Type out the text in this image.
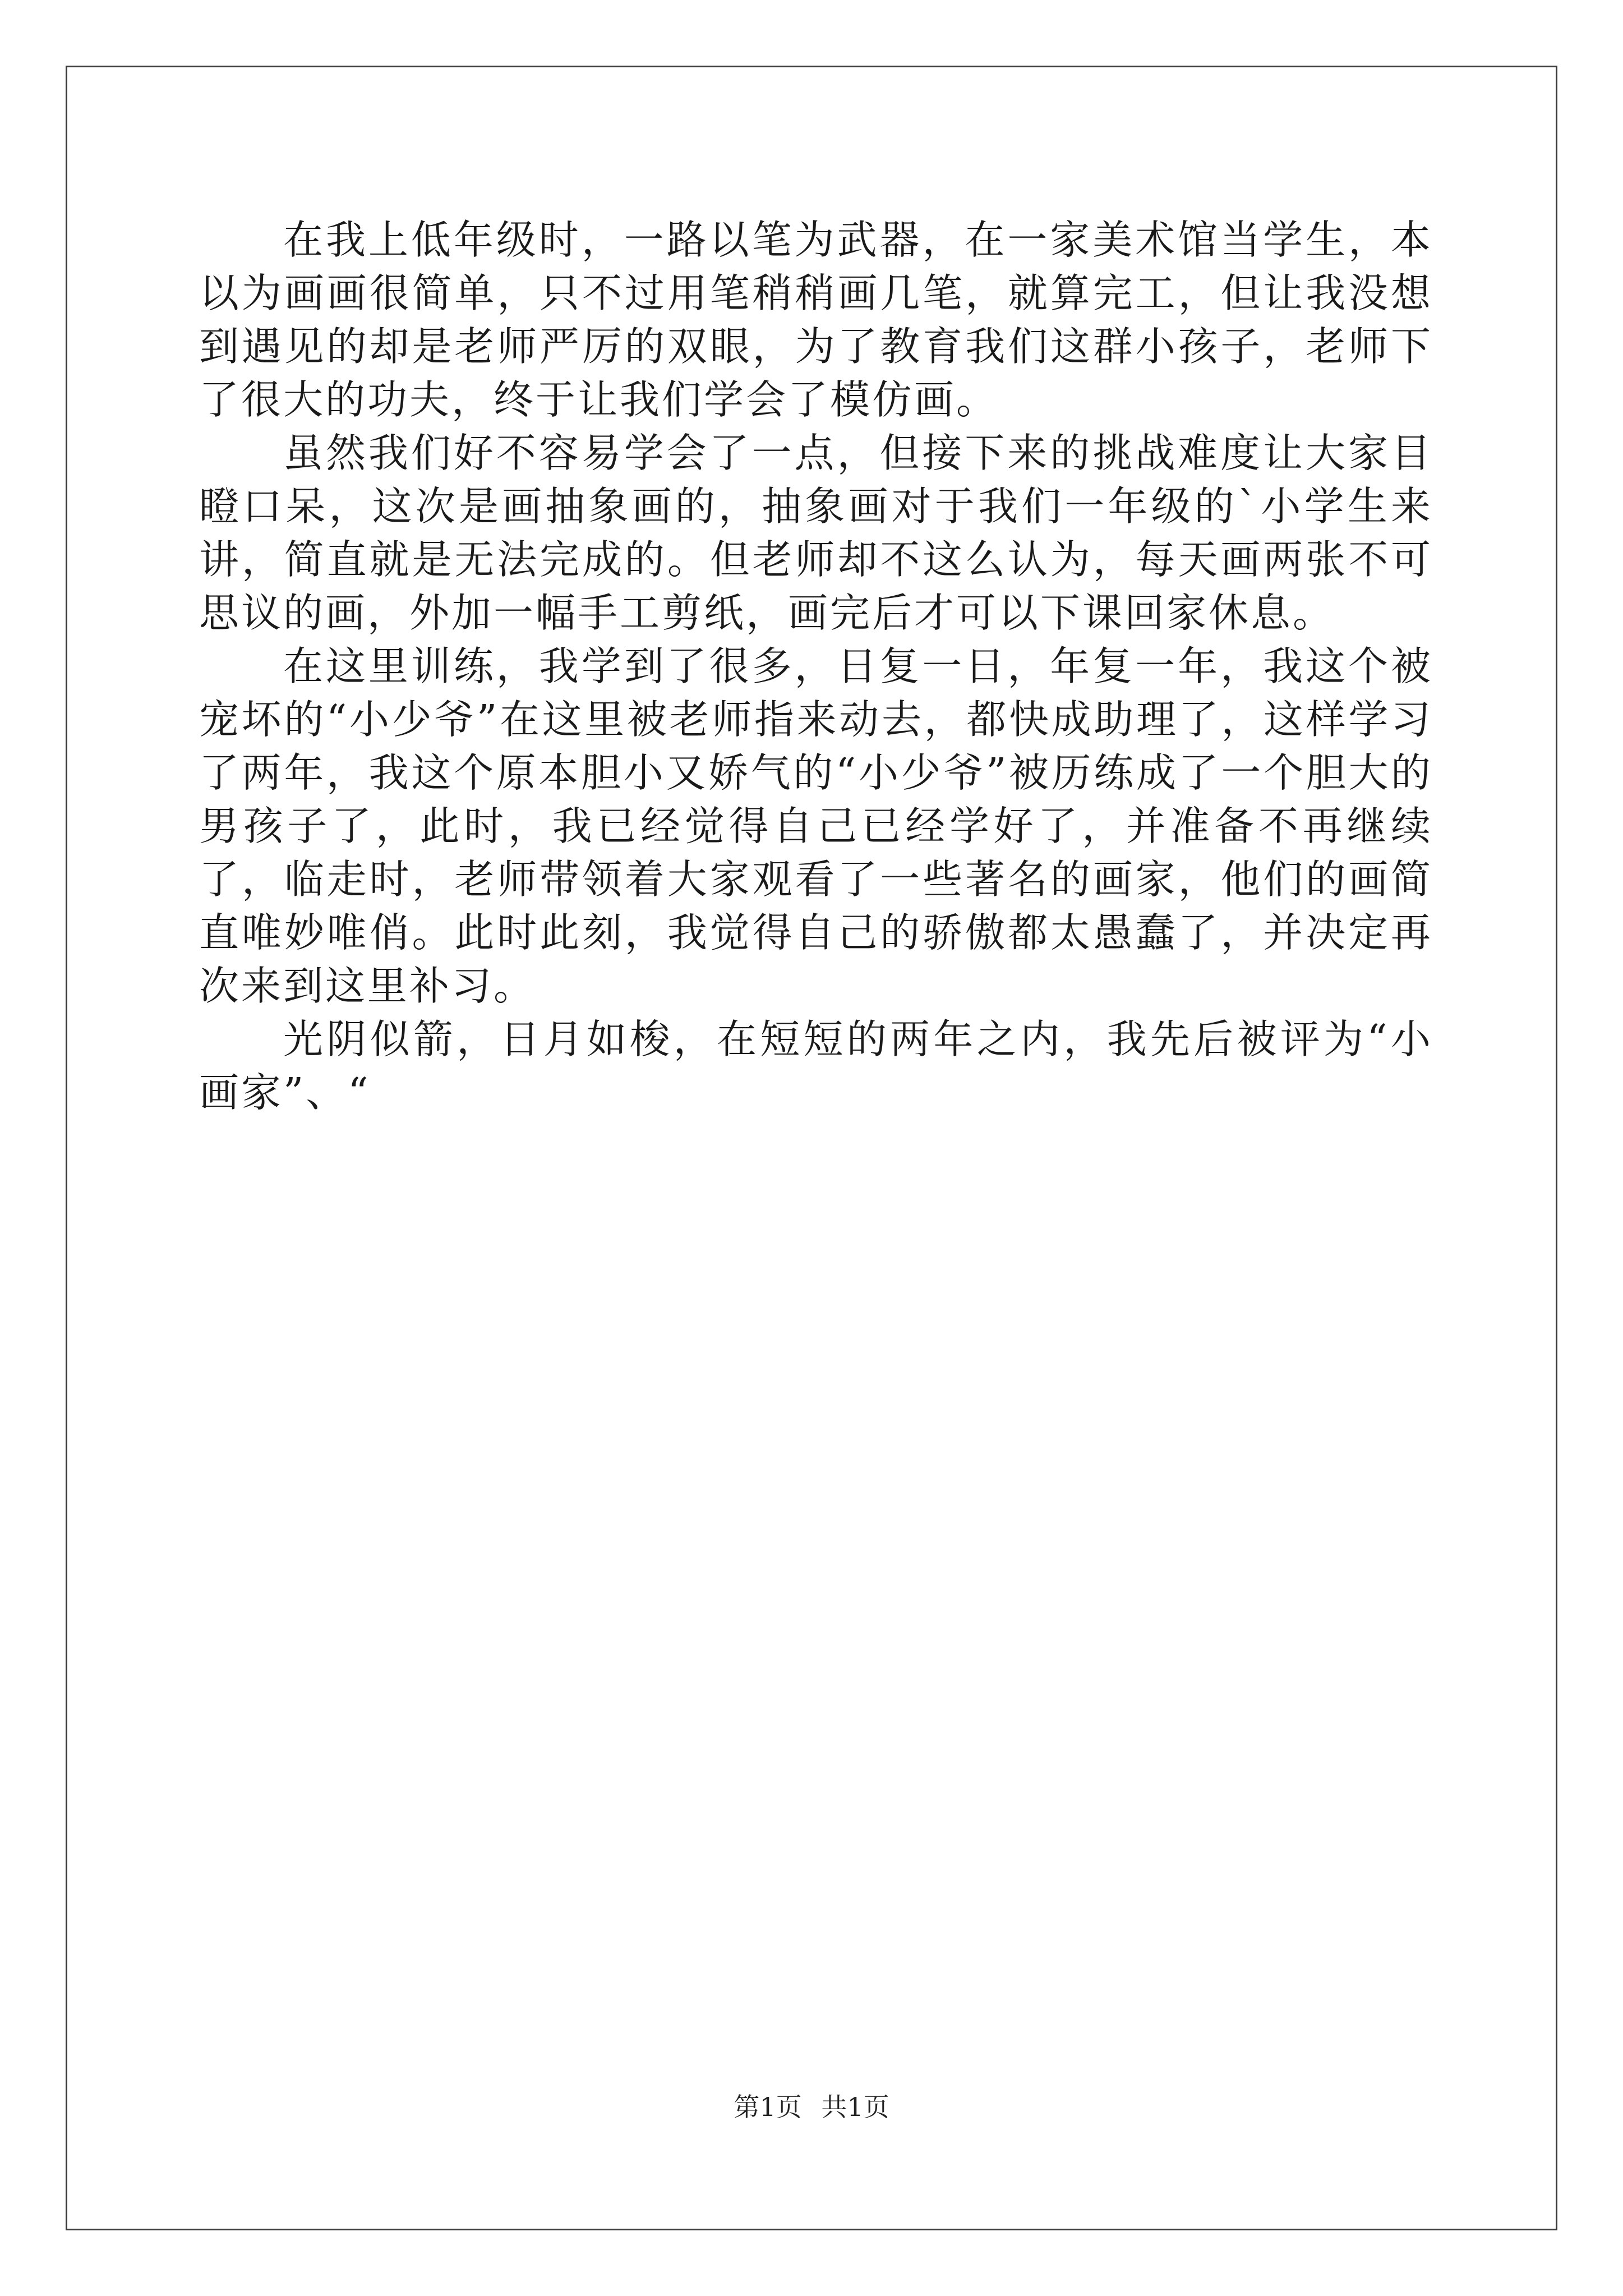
在我上低年级时，一路以笔为武器，在一家美术馆当学生，本以为画画很简单，只不过用笔稍稍画几笔，就算完工，但让我没想到遇见的却是老师严厉的双眼，为了教育我们这群小孩子，老师下了很大的功夫，终于让我们学会了模仿画。

虽然我们好不容易学会了一点，但接下来的挑战难度让大家目瞪口呆，这次是画抽象画的，抽象画对于我们一年级的`小学生来讲，简直就是无法完成的。但老师却不这么认为，每天画两张不可思议的画，外加一幅手工剪纸，画完后才可以下课回家休息。

在这里训练，我学到了很多，日复一日，年复一年，我这个被宠坏的“小少爷”在这里被老师指来动去，都快成助理了，这样学习了两年，我这个原本胆小又娇气的“小少爷”被历练成了一个胆大的男孩子了，此时，我已经觉得自己已经学好了，并准备不再继续了，临走时，老师带领着大家观看了一些著名的画家，他们的画简直唯妙唯俏。此时此刻，我觉得自己的骄傲都太愚蠢了，并决定再次来到这里补习。

光阴似箭，日月如梭，在短短的两年之内，我先后被评为“小画家”、“

第1页 共1页
